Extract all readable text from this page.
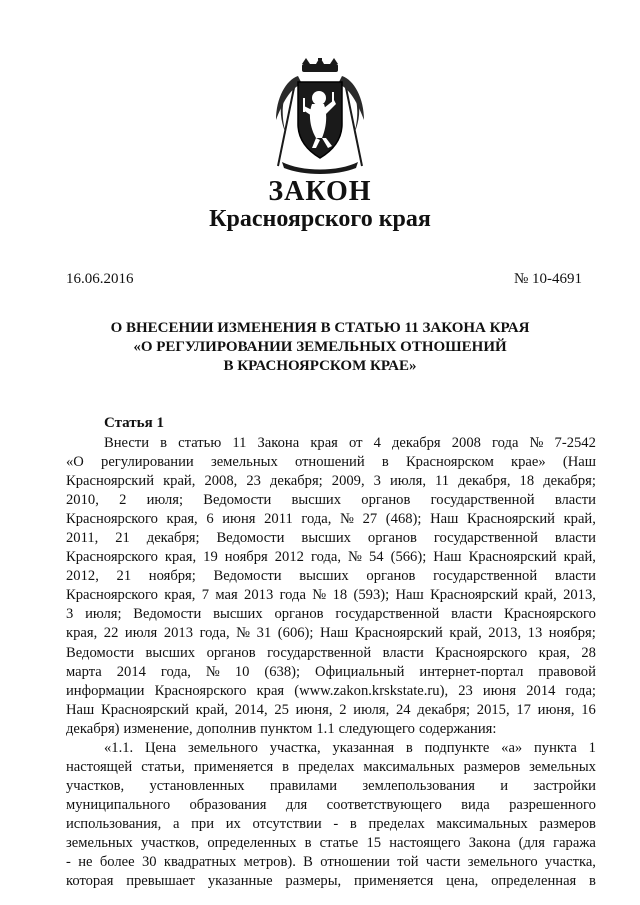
ЗАКОН
Красноярского края
16.06.2016	№ 10-4691
О ВНЕСЕНИИ ИЗМЕНЕНИЯ В СТАТЬЮ 11 ЗАКОНА КРАЯ
«О РЕГУЛИРОВАНИИ ЗЕМЕЛЬНЫХ ОТНОШЕНИЙ
В КРАСНОЯРСКОМ КРАЕ»
Статья 1
Внести в статью 11 Закона края от 4 декабря 2008 года № 7-2542
«О регулировании земельных отношений в Красноярском крае» (Наш
Красноярский край, 2008, 23 декабря; 2009, 3 июля, 11 декабря, 18 декабря;
2010, 2 июля; Ведомости высших органов государственной власти
Красноярского края, 6 июня 2011 года, № 27 (468); Наш Красноярский край,
2011, 21 декабря; Ведомости высших органов государственной власти
Красноярского края, 19 ноября 2012 года, № 54 (566); Наш Красноярский край,
2012, 21 ноября; Ведомости высших органов государственной власти
Красноярского края, 7 мая 2013 года № 18 (593); Наш Красноярский край, 2013,
3 июля; Ведомости высших органов государственной власти Красноярского
края, 22 июля 2013 года, № 31 (606); Наш Красноярский край, 2013, 13 ноября;
Ведомости высших органов государственной власти Красноярского края, 28
марта 2014 года, № 10 (638); Официальный интернет-портал правовой
информации Красноярского края (www.zakon.krskstate.ru), 23 июня 2014 года;
Наш Красноярский край, 2014, 25 июня, 2 июля, 24 декабря; 2015, 17 июня, 16
декабря) изменение, дополнив пунктом 1.1 следующего содержания:
«1.1. Цена земельного участка, указанная в подпункте «а» пункта 1
настоящей статьи, применяется в пределах максимальных размеров земельных
участков, установленных правилами землепользования и застройки
муниципального образования для соответствующего вида разрешенного
использования, а при их отсутствии - в пределах максимальных размеров
земельных участков, определенных в статье 15 настоящего Закона (для гаража
- не более 30 квадратных метров). В отношении той части земельного участка,
которая превышает указанные размеры, применяется цена, определенная в
